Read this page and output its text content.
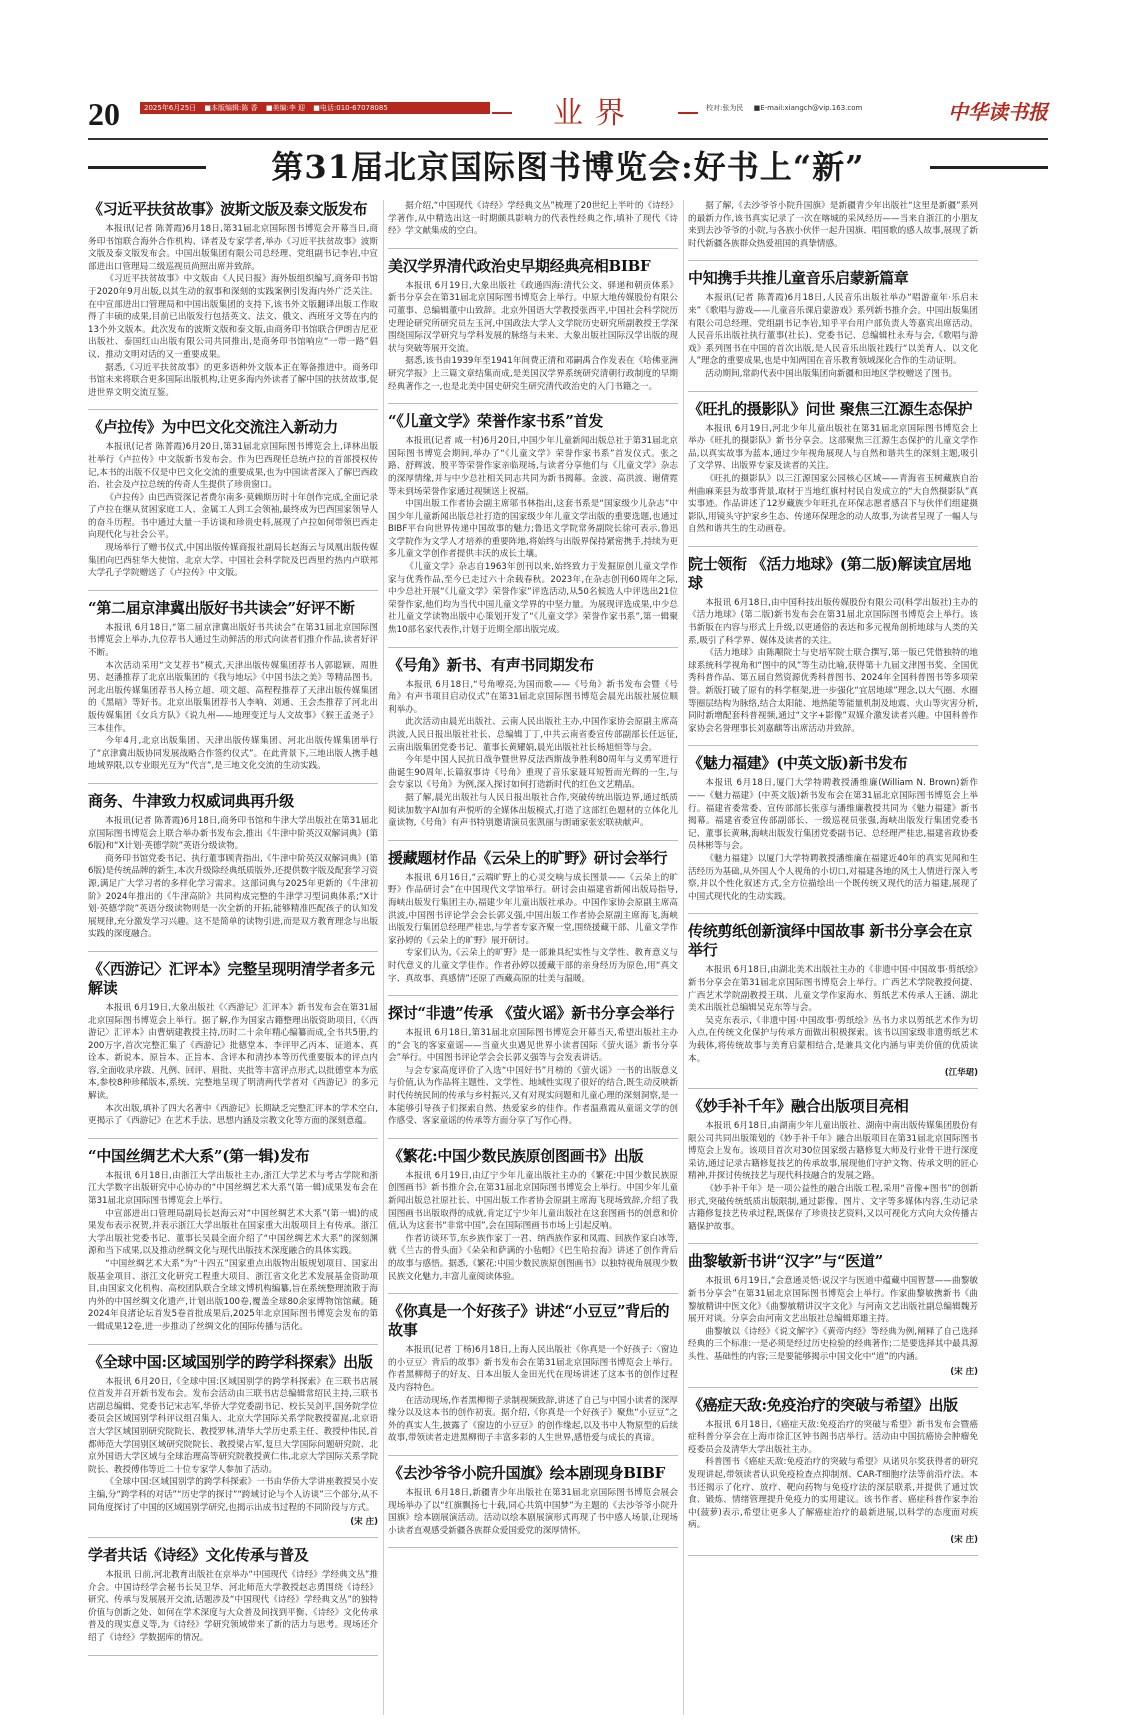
20	2025年6月25日 ■本版编辑:陈 香 ■美编:李 迎 ■电话:010-67078085	业界	校对:张为民 ■E-mail:xiangch@vip.163.com	中华读书报
第31届北京国际图书博览会:好书上“新”
《习近平扶贫故事》波斯文版及泰文版发布

本报讯(记者 陈菁霞)6月18日,第31届北京国际图书博览会开幕当日,商务印书馆联合海外合作机构、译者及专家学者,举办《习近平扶贫故事》波斯文版及泰文版发布会。中国出版集团有限公司总经理、党组副书记李岩,中宣部进出口管理局二级巡视员尚照出席并致辞。

《习近平扶贫故事》中文版由《人民日报》海外版组织编写,商务印书馆于2020年9月出版,以其生动的叙事和深刻的实践案例引发海内外广泛关注。在中宣部进出口管理局和中国出版集团的支持下,该书外文版翻译出版工作取得了丰硕的成果,目前已出版发行包括英文、法文、俄文、西班牙文等在内的13个外文版本。此次发布的波斯文版和泰文版,由商务印书馆联合伊朗吉尼亚出版社、泰国红山出版有限公司共同推出,是商务印书馆响应“一带一路”倡议、推动文明对话的又一重要成果。

据悉,《习近平扶贫故事》的更多语种外文版本正在筹备推进中。商务印书馆未来将联合更多国际出版机构,让更多海内外读者了解中国的扶贫故事,促进世界文明交流互鉴。

《卢拉传》为中巴文化交流注入新动力

本报讯(记者 陈菁霞)6月20日,第31届北京国际图书博览会上,译林出版社举行《卢拉传》中文版新书发布会。作为巴西现任总统卢拉的首部授权传记,本书的出版不仅是中巴文化交流的重要成果,也为中国读者深入了解巴西政治、社会及卢拉总统的传奇人生提供了珍贵窗口。

《卢拉传》由巴西资深记者费尔南多·莫赖斯历时十年创作完成,全面记录了卢拉在继从贫困家庭工人、金属工人到工会领袖,最终成为巴西国家领导人的奋斗历程。书中通过大量一手访谈和珍贵史料,展现了卢拉如何带领巴西走向现代化与社会公平。

现场举行了赠书仪式,中国出版传媒商报社副局长赵海云与凤凰出版传媒集团向巴西驻华大使馆、北京大学、中国社会科学院及巴西里约热内卢联邦大学孔子学院赠送了《卢拉传》中文版。

“第二届京津冀出版好书共读会”好评不断

本报讯 6月18日,“第二届京津冀出版好书共读会”在第31届北京国际图书博览会上举办,九位荐书人通过生动鲜活的形式向读者们推介作品,读者好评不断。

本次活动采用“文艾荐书”模式,天津出版传媒集团荐书人郭聪颖、周胜男、赵潘推荐了北京出版集团的《我与地坛》《中国书法之美》等精品图书。河北出版传媒集团荐书人杨立超、项文超、高程程推荐了天津出版传媒集团的《黑暗》等好书。北京出版集团荐书人李响、刘通、王会杰推荐了河北出版传媒集团《女兵方队》《说九州——地理变迁与人文故事》《猴王孟尧子》三本佳作。

今年4月,北京出版集团、天津出版传媒集团、河北出版传媒集团举行了“京津冀出版协同发展战略合作签约仪式”。在此背景下,三地出版人携手越地域界限,以专业眼光互为“代言”,是三地文化交流的生动实践。

商务、牛津致力权威词典再升级

本报讯(记者 陈菁霞)6月18日,商务印书馆和牛津大学出版社在第31届北京国际图书博览会上联合举办新书发布会,推出《牛津中阶英汉双解词典》(第6版)和“X计划·英德学院”英语分级读物。

商务印书馆党委书记、执行董事顾青指出,《牛津中阶英汉双解词典》(第6版)是传统品牌的新生,本次升级除经典纸质版外,还提供数字版及配套学习资源,满足广大学习者的多样化学习需求。这部词典与2025年更新的《牛津初阶》2024年推出的《牛津高阶》共同构成完整的牛津学习型词典体系;“X计划·英德学院”英语分级读物则是一次全新的开拓,能够精准匹配孩子的认知发展规律,充分激发学习兴趣。这不是简单的读物引进,而是双方教育理念与出版实践的深度融合。

《〈西游记〉汇评本》完整呈现明清学者多元解读

本报讯 6月19日,大象出版社《〈西游记〉汇评本》新书发布会在第31届北京国际图书博览会上举行。据了解,作为国家古籍整理出版资助项目,《〈西游记〉汇评本》由曹炳建教授主持,历时二十余年精心编纂而成,全书共5册,约200万字,首次完整汇集了《西游记》批德堂本、李评甲乙丙本、证道本、真诠本、新说本、原旨本、正旨本、含评本和清抄本等历代重要版本的评点内容,全面收录序跋、凡例、回评、眉批、夹批等丰富评点形式,以批德堂本为底本,参校8种珍稀版本,系统、完整地呈现了明清两代学者对《西游记》的多元解读。

本次出版,填补了四大名著中《西游记》长期缺乏完整汇评本的学术空白,更揭示了《西游记》在艺术手法、思想内涵及宗教文化等方面的深刻意蕴。

“中国丝绸艺术大系”(第一辑)发布

本报讯 6月18日,由浙江大学出版社主办,浙江大学艺术与考古学院和浙江大学数字出版研究中心协办的“中国丝绸艺术大系”(第一辑)成果发布会在第31届北京国际图书博览会上举行。

中宣部进出口管理局副局长赵海云对“中国丝绸艺术大系”(第一辑)的成果发布表示祝贺,并表示浙江大学出版社在国家重大出版项目上有传承。浙江大学出版社党委书记、董事长吴晨全面介绍了“中国丝绸艺术大系”的深刻渊源和当下成果,以及推动丝绸文化与现代出版技术深度融合的具体实践。

“中国丝绸艺术大系”为“十四五”国家重点出版物出版规划项目、国家出版基金项目、浙江文化研究工程重大项目、浙江省文化艺术发展基金资助项目,由国家文化机构、高校团队联合全球文博机构编纂,旨在系统整理流散于海内外的中国丝绸文化遗产,计划出版100卷,覆盖全球80余家博物馆馆藏。随2024年良渚论坛首发5卷首批成果后,2025年北京国际图书博览会发布的第一辑成果12卷,进一步推动了丝绸文化的国际传播与活化。

《全球中国:区域国别学的跨学科探索》出版

本报讯 6月20日,《全球中国:区域国别学的跨学科探索》在三联书店展位首发并召开新书发布会。发布会活动由三联书店总编辑常绍民主持,三联书店副总编辑、党委书记宋志军,华侨大学党委副书记、校长吴剑平,国务院学位委员会区域国别学科评议组召集人、北京大学国际关系学院教授翟崑,北京语言大学区域国别研究院院长、教授罗林,清华大学历史系主任、教授仲伟民,首都师范大学国别区域研究院院长、教授梁占军,复旦大学国际问题研究院、北京外国语大学区域与全球治理高等研究院教授黄仁伟,北京大学国际关系学院院长、教授傅伟等近二十位专家学人参加了活动。

《全球中国:区域国别学的跨学科探索》一书由华侨大学讲座教授吴小安主编,分“跨学科的对话”“历史学的探讨”“跨域讨论与个人访谈”三个部分,从不同角度探讨了中国的区域国别学研究,也揭示出成书过程的不同阶段与方式。

(宋 庄)
学者共话《诗经》文化传承与普及

本报讯 日前,河北教育出版社在京举办“中国现代《诗经》学经典文丛”推介会。中国诗经学会秘书长吴卫华、河北师范大学教授赵志勇围绕《诗经》研究、传承与发展展开交流,话题涉及“中国现代《诗经》学经典文丛”的独特价值与创新之处、如何在学术深度与大众普及间找到平衡、《诗经》文化传承普及的现实意义等,为《诗经》学研究领域带来了新的活力与思考。现场还介绍了《诗经》学数据库的情况。

据介绍,“中国现代《诗经》学经典文丛”梳理了20世纪上半叶的《诗经》学著作,从中精选出这一时期颇具影响力的代表性经典之作,填补了现代《诗经》学文献集成的空白。

美汉学界清代政治史早期经典亮相BIBF

本报讯 6月19日,大象出版社《政通四海:清代公文、驿递和朝贡体系》新书分享会在第31届北京国际图书博览会上举行。中原大地传媒股份有限公司董事、总编辑董中山致辞。北京外国语大学教授张西平,中国社会科学院历史理论研究所研究员左玉河,中国政法大学人文学院历史研究所副教授王学深围绕国际汉学研究与学科发展的脉络与未来、大象出版社国际汉学出版的现状与突破等展开交流。

据悉,该书由1939年至1941年间费正清和邓嗣禹合作发表在《哈佛亚洲研究学报》上三篇文章结集而成,是美国汉学界系统研究清朝行政制度的早期经典著作之一,也是北美中国史研究生研究清代政治史的入门书籍之一。

“《儿童文学》荣誉作家书系”首发

本报讯(记者 咸一村)6月20日,中国少年儿童新闻出版总社于第31届北京国际图书博览会期间,举办了“《儿童文学》荣誉作家书系”首发仪式。张之路、舒辉波、殷平等荣誉作家亲临现场,与读者分享他们与《儿童文学》杂志的深厚情缘,并与中少总社相关同志共同为新书揭幕。金波、高洪波、谢倩霓等未到场荣誉作家通过视频送上祝福。

中国出版工作者协会副主席邬书林指出,这套书系是“国家级少儿杂志”中国少年儿童新闻出版总社打造的国家级少年儿童文学出版的重要选题,也通过BIBF平台向世界传递中国故事的魅力;鲁迅文学院常务副院长徐可表示,鲁迅文学院作为文学人才培养的重要阵地,将始终与出版界保持紧密携手,持续为更多儿童文学创作者提供丰沃的成长土壤。

《儿童文学》杂志自1963年创刊以来,始终致力于发掘原创儿童文学作家与优秀作品,至今已走过六十余载春秋。2023年,在杂志创刊60周年之际,中少总社开展“《儿童文学》荣誉作家”评选活动,从50名候选人中评选出21位荣誉作家,他们均为当代中国儿童文学界的中坚力量。为展现评选成果,中少总社儿童文学读物出版中心策划开发了“《儿童文学》荣誉作家书系”,第一辑聚焦10部名家代表作,计划于近期全部出版完成。

《号角》新书、有声书同期发布

本报讯 6月18日,“号角嘹亮,为国而歌——《号角》新书发布会暨《号角》有声书项目启动仪式”在第31届北京国际图书博览会晨光出版社展位顺利举办。

此次活动由晨光出版社、云南人民出版社主办,中国作家协会原副主席高洪波,人民日报出版社社长、总编辑丁丁,中共云南省委宣传部副部长任远征,云南出版集团党委书记、董事长黄耀娟,晨光出版社社长杨旭恒等与会。

今年是中国人民抗日战争暨世界反法西斯战争胜利80周年与义勇军进行曲诞生90周年,长篇叙事诗《号角》重现了音乐家聂耳短暂而光辉的一生,与会专家以《号角》为例,深入探讨如何打造新时代的红色文艺精品。

据了解,晨光出版社与人民日报出版社合作,突破传统出版边界,通过纸质阅读加数字AI加有声悦听的全媒体出版模式,打造了这部红色题材的立体化儿童读物,《号角》有声书特别邀请演员张凯丽与朗诵家张宏联袂献声。

援藏题材作品《云朵上的旷野》研讨会举行

本报讯 6月16日,“云端旷野上的心灵交响与成长图景——《云朵上的旷野》作品研讨会”在中国现代文学馆举行。研讨会由福建省新闻出版局指导,海峡出版发行集团主办,福建少年儿童出版社承办。中国作家协会原副主席高洪波,中国图书评论学会会长郭义强,中国出版工作者协会原副主席海飞,海峡出版发行集团总经理严桂忠,与学者专家齐聚一堂,围绕援藏干部、儿童文学作家孙婷的《云朵上的旷野》展开研讨。

专家们认为,《云朵上的旷野》是一部兼具纪实性与文学性、教育意义与时代意义的儿童文学佳作。作者孙婷以援藏干部的亲身经历为原色,用“真文字、真故事、真感情”还原了西藏高原的壮美与温暖。

探讨“非遗”传承 《萤火谣》新书分享会举行

本报讯 6月18日,第31届北京国际图书博览会开幕当天,希望出版社主办的“会飞的客家童谣——当童火虫遇见世界小读者国际《萤火谣》新书分享会”举行。中国图书评论学会会长郭义强等与会发表讲话。

与会专家高度评价了入选“中国好书”月榜的《萤火谣》一书的出版意义与价值,认为作品将主题性、文学性、地域性实现了很好的结合,既生动反映新时代传统民间的传承与乡村振兴,又有对现实问题和儿童心理的深刻洞察,是一本能够引导孩子们探索自然、热爱家乡的佳作。作者温燕霞从童谣文学的创作感受、客家童谣的传承等方面分享了写作心得。

《繁花:中国少数民族原创图画书》出版

本报讯 6月19日,由辽宁少年儿童出版社主办的《繁花:中国少数民族原创图画书》新书推介会,在第31届北京国际图书博览会上举行。中国少年儿童新闻出版总社原社长、中国出版工作者协会原副主席海飞现场致辞,介绍了我国图画书出版取得的成就,肯定辽宁少年儿童出版社在这套图画书的创意和价值,认为这套书“非常中国”,会在国际图画书市场上引起反响。

作者访谈环节,东乡族作家丁一君、纳西族作家和凤霞、回族作家白冰等,就《兰古的骨头面》《朵朵和萨满的小毡帽》《巴生哈拉海》讲述了创作背后的故事与感悟。据悉,《繁花:中国少数民族原创图画书》以独特视角展现少数民族文化魅力,丰富儿童阅读体验。

《你真是一个好孩子》讲述“小豆豆”背后的故事

本报讯(记者 丁杨)6月18日,上海人民出版社《你真是一个好孩子:〈窗边的小豆豆〉背后的故事》新书发布会在第31届北京国际图书博览会上举行。作者黑柳彻子的好友、日本出版人金田光代在现场讲述了这本书的创作过程及内容特色。

在活动现场,作者黑柳彻子录制视频致辞,讲述了自己与中国小读者的深厚缘分以及这本书的创作初衷。据介绍,《你真是一个好孩子》聚焦“小豆豆”之外的真实人生,披露了《窗边的小豆豆》的创作缘起,以及书中人物原型的后续故事,带领读者走进黑柳彻子丰富多彩的人生世界,感悟爱与成长的真谛。

《去沙爷爷小院升国旗》绘本剧现身BIBF

本报讯 6月18日,新疆青少年出版社在第31届北京国际图书博览会展会现场举办了以“红旗飘扬七十载,同心共筑中国梦”为主题的《去沙爷爷小院升国旗》绘本剧展演活动。活动以绘本剧展演形式再现了书中感人场景,让现场小读者直观感受新疆各族群众爱国爱党的深厚情怀。

据了解,《去沙爷爷小院升国旗》是新疆青少年出版社“这里是新疆”系列的最新力作,该书真实记录了一次在喀城的采风经历——当来自浙江的小朋友来到去沙爷爷的小院,与各族小伙伴一起升国旗、唱国歌的感人故事,展现了新时代新疆各族群众热爱祖国的真挚情感。

中知携手共推儿童音乐启蒙新篇章

本报讯(记者 陈菁霞)6月18日,人民音乐出版社举办“唱游童年·乐启未来”《歌唱与游戏——儿童音乐课启蒙游戏》系列新书推介会。中国出版集团有限公司总经理、党组副书记李岩,知乎平台用户部负责人等嘉宾出席活动。人民音乐出版社执行董事(社长)、党委书记、总编辑杜永寿与会,《歌唱与游戏》系列图书在中国的首次出版,是人民音乐出版社践行“以美育人、以文化人”理念的重要成果,也是中知两国在音乐教育领域深化合作的生动证明。

活动期间,常韵代表中国出版集团向新疆和田地区学校赠送了图书。

《旺扎的摄影队》问世 聚焦三江源生态保护

本报讯 6月19日,河北少年儿童出版社在第31届北京国际图书博览会上举办《旺扎的摄影队》新书分享会。这部聚焦三江源生态保护的儿童文学作品,以真实故事为蓝本,通过少年视角展现人与自然和谐共生的深刻主题,吸引了文学界、出版界专家及读者的关注。

《旺扎的摄影队》以三江源国家公园核心区域——青海省玉树藏族自治州曲麻莱县为故事背景,取材于当地红旗村村民自发成立的“大自然摄影队”真实事迹。作品讲述了12岁藏族少年旺扎在环保志愿者感召下与伙伴们组建摄影队,用镜头守护家乡生态、传递环保理念的动人故事,为读者呈现了一幅人与自然和谐共生的生动画卷。

院士领衔 《活力地球》(第二版)解读宜居地球

本报讯 6月18日,由中国科技出版传媒股份有限公司(科学出版社)主办的《活力地球》(第二版)新书发布会在第31届北京国际图书博览会上举行。该书新版在内容与形式上升级,以更通俗的表达和多元视角剖析地球与人类的关系,吸引了科学界、媒体及读者的关注。

《活力地球》由陈颙院士与史培军院士联合撰写,第一版已凭借独特的地球系统科学视角和“图中的风”等生动比喻,获得第十九届文津图书奖、全国优秀科普作品、第五届自然资源优秀科普图书、2024年全国科普图书等多项荣誉。新版打破了原有的科学框架,进一步强化“宜居地球”理念,以大气圈、水圈等圈层结构为脉络,结合太阳能、地热能等能量机制及地震、火山等灾害分析,同时新增配套科普视频,通过“文字+影像”双媒介激发读者兴趣。中国科普作家协会名誉理事长刘嘉麒等出席活动并致辞。

《魅力福建》(中英文版)新书发布

本报讯 6月18日,厦门大学特聘教授潘维廉(William N. Brown)新作——《魅力福建》(中英文版)新书发布会在第31届北京国际图书博览会上举行。福建省委常委、宣传部部长张彦与潘维廉教授共同为《魅力福建》新书揭幕。福建省委宣传部副部长、一级巡视员张强,海峡出版发行集团党委书记、董事长黄琳,海峡出版发行集团党委副书记、总经理严桂忠,福建省政协委员林彬等与会。

《魅力福建》以厦门大学特聘教授潘维廉在福建近40年的真实见闻和生活经历为基础,从外国人个人视角的小切口,对福建各地的风土人情进行深入考察,并以个性化叙述方式,全方位描绘出一个既传统又现代的活力福建,展现了中国式现代化的生动实践。

传统剪纸创新演绎中国故事 新书分享会在京举行

本报讯 6月18日,由湖北美术出版社主办的《非遗中国·中国故事·剪纸绘》新书分享会在第31届北京国际图书博览会上举行。广西艺术学院教授何捷、广西艺术学院副教授王琪、儿童文学作家海水、剪纸艺术传承人王涵、湖北美术出版社总编辑吴克东等与会。

吴克东表示,《非遗中国·中国故事·剪纸绘》丛书力求以剪纸艺术作为切入点,在传统文化保护与传承方面做出积极探索。该书以国家级非遗剪纸艺术为载体,将传统故事与美育启蒙相结合,是兼具文化内涵与审美价值的优质读本。

(江华珺)
《妙手补千年》融合出版项目亮相

本报讯 6月18日,由湖南少年儿童出版社、湖南中南出版传媒集团股份有限公司共同出版策划的《妙手补千年》融合出版项目在第31届北京国际图书博览会上发布。该项目首次对30位国家级古籍修复大师及行业骨干进行深度采访,通过记录古籍修复技艺的传承故事,展现他们守护文物、传承文明的匠心精神,并探讨传统技艺与现代科技融合的发展之路。

《妙手补千年》是一项公益性的融合出版工程,采用“音像+图书”的创新形式,突破传统纸质出版限制,通过影像、图片、文字等多媒体内容,生动记录古籍修复技艺传承过程,既保存了珍贵技艺资料,又以可视化方式向大众传播古籍保护故事。

曲黎敏新书讲“汉字”与“医道”

本报讯 6月19日,“会意通灵悟·说汉字与医道中蕴藏中国智慧——曲黎敏新书分享会”在第31届北京国际图书博览会上举行。作家曲黎敏携新书《曲黎敏精讲中医文化》《曲黎敏精讲汉字文化》与河南文艺出版社副总编辑魏芳展开对谈。分享会由河南文艺出版社总编辑郑雄主持。

曲黎敏以《诗经》《说文解字》《黄帝内经》等经典为例,阐释了自己选择经典的三个标准:一是必须是经过历史检验的经典著作;二是要选择其中最具源头性、基础性的内容;三是要能够揭示中国文化中“道”的内涵。

(宋 庄)
《癌症天敌:免疫治疗的突破与希望》出版

本报讯 6月18日,《癌症天敌:免疫治疗的突破与希望》新书发布会暨癌症科普分享会在上海市徐汇区钟书阁书店举行。活动由中国抗癌协会肿瘤免疫委员会及清华大学出版社主办。

科普图书《癌症天敌:免疫治疗的突破与希望》从诺贝尔奖获得者的研究发现讲起,带领读者认识免疫检查点抑制剂、CAR-T细胞疗法等前沿疗法。本书还揭示了化疗、放疗、靶向药物与免疫疗法的深层联系,并提供了通过饮食、锻炼、情绪管理提升免疫力的实用建议。该书作者、癌症科普作家李治中(菠萝)表示,希望让更多人了解癌症治疗的最新进展,以科学的态度面对疾病。

(宋 庄)
